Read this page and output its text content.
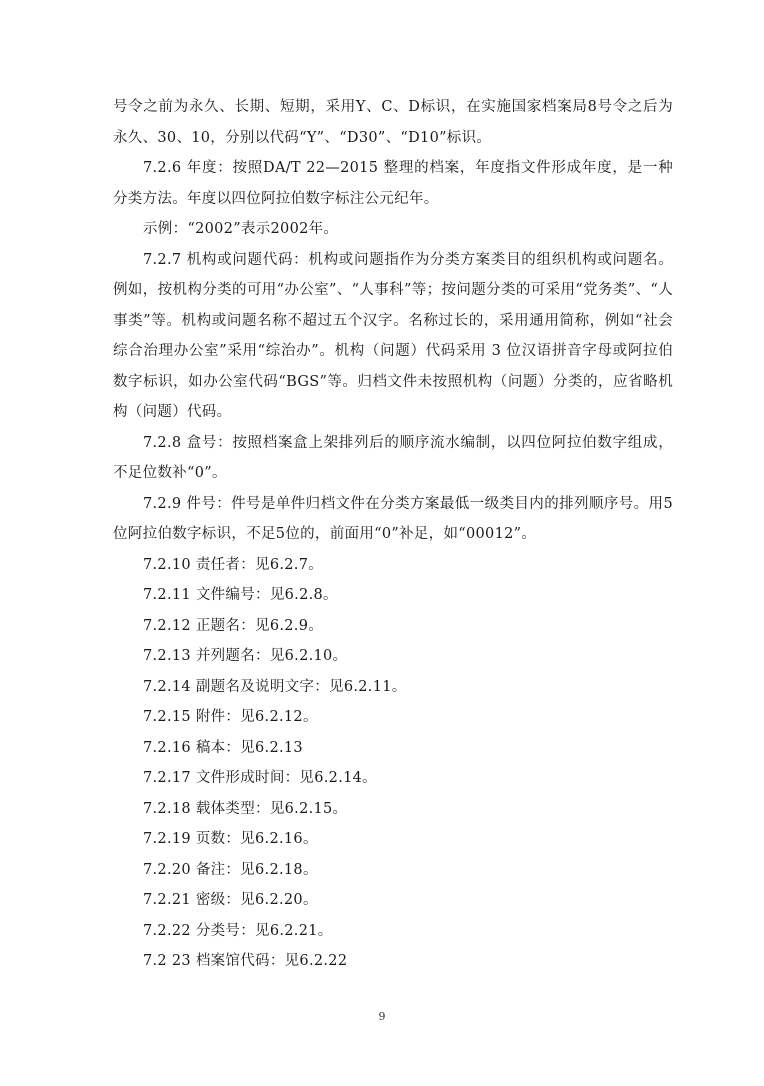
号令之前为永久、长期、短期，采用Y、C、D标识，在实施国家档案局8号令之后为永久、30、10，分别以代码“Y”、“D30”、“D10”标识。

7.2.6 年度：按照DA/T 22—2015 整理的档案，年度指文件形成年度，是一种分类方法。年度以四位阿拉伯数字标注公元纪年。

示例：“2002”表示2002年。

7.2.7 机构或问题代码：机构或问题指作为分类方案类目的组织机构或问题名。例如，按机构分类的可用“办公室”、“人事科”等；按问题分类的可采用“党务类”、“人事类”等。机构或问题名称不超过五个汉字。名称过长的，采用通用简称，例如“社会综合治理办公室”采用“综治办”。机构（问题）代码采用 3 位汉语拼音字母或阿拉伯数字标识，如办公室代码“BGS”等。归档文件未按照机构（问题）分类的，应省略机构（问题）代码。

7.2.8 盒号：按照档案盒上架排列后的顺序流水编制，以四位阿拉伯数字组成，不足位数补“0”。

7.2.9 件号：件号是单件归档文件在分类方案最低一级类目内的排列顺序号。用5位阿拉伯数字标识，不足5位的，前面用“0”补足，如“00012”。

7.2.10 责任者：见6.2.7。

7.2.11 文件编号：见6.2.8。

7.2.12 正题名：见6.2.9。

7.2.13 并列题名：见6.2.10。

7.2.14 副题名及说明文字：见6.2.11。

7.2.15 附件：见6.2.12。

7.2.16 稿本：见6.2.13

7.2.17 文件形成时间：见6.2.14。

7.2.18 载体类型：见6.2.15。

7.2.19 页数：见6.2.16。

7.2.20 备注：见6.2.18。

7.2.21 密级：见6.2.20。

7.2.22 分类号：见6.2.21。

7.2 23 档案馆代码：见6.2.22

9
